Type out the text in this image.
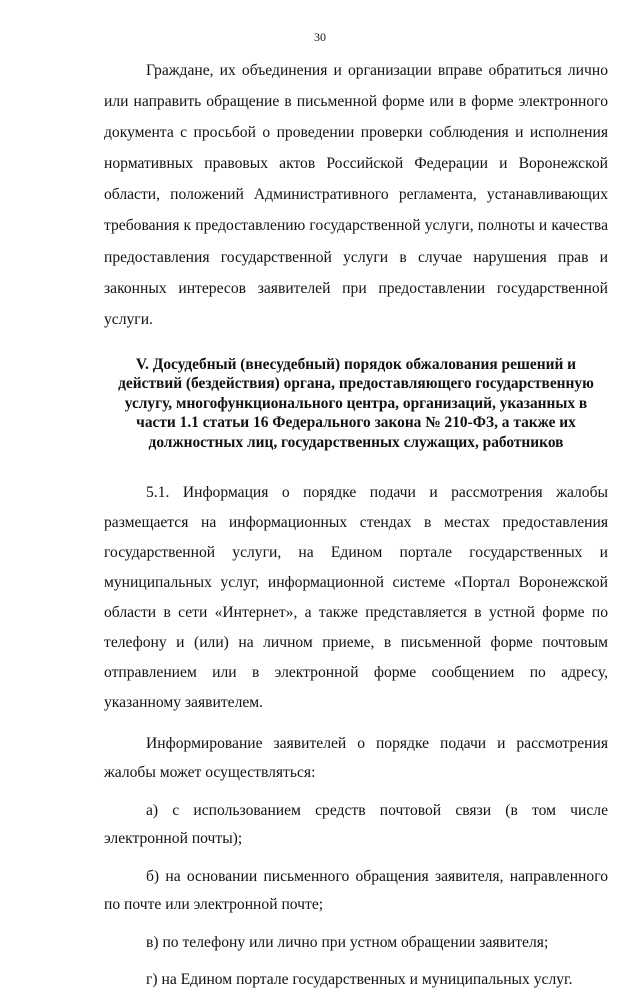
30

Граждане, их объединения и организации вправе обратиться лично или направить обращение в письменной форме или в форме электронного документа с просьбой о проведении проверки соблюдения и исполнения нормативных правовых актов Российской Федерации и Воронежской области, положений Административного регламента, устанавливающих требования к предоставлению государственной услуги, полноты и качества предоставления государственной услуги в случае нарушения прав и законных интересов заявителей при предоставлении государственной услуги.

V. Досудебный (внесудебный) порядок обжалования решений и действий (бездействия) органа, предоставляющего государственную услугу, многофункционального центра, организаций, указанных в части 1.1 статьи 16 Федерального закона № 210-ФЗ, а также их должностных лиц, государственных служащих, работников

5.1. Информация о порядке подачи и рассмотрения жалобы размещается на информационных стендах в местах предоставления государственной услуги, на Едином портале государственных и муниципальных услуг, информационной системе «Портал Воронежской области в сети «Интернет», а также представляется в устной форме по телефону и (или) на личном приеме, в письменной форме почтовым отправлением или в электронной форме сообщением по адресу, указанному заявителем.

Информирование заявителей о порядке подачи и рассмотрения жалобы может осуществляться:

а) с использованием средств почтовой связи (в том числе электронной почты);

б) на основании письменного обращения заявителя, направленного по почте или электронной почте;

в) по телефону или лично при устном обращении заявителя;

г) на Едином портале государственных и муниципальных услуг.
